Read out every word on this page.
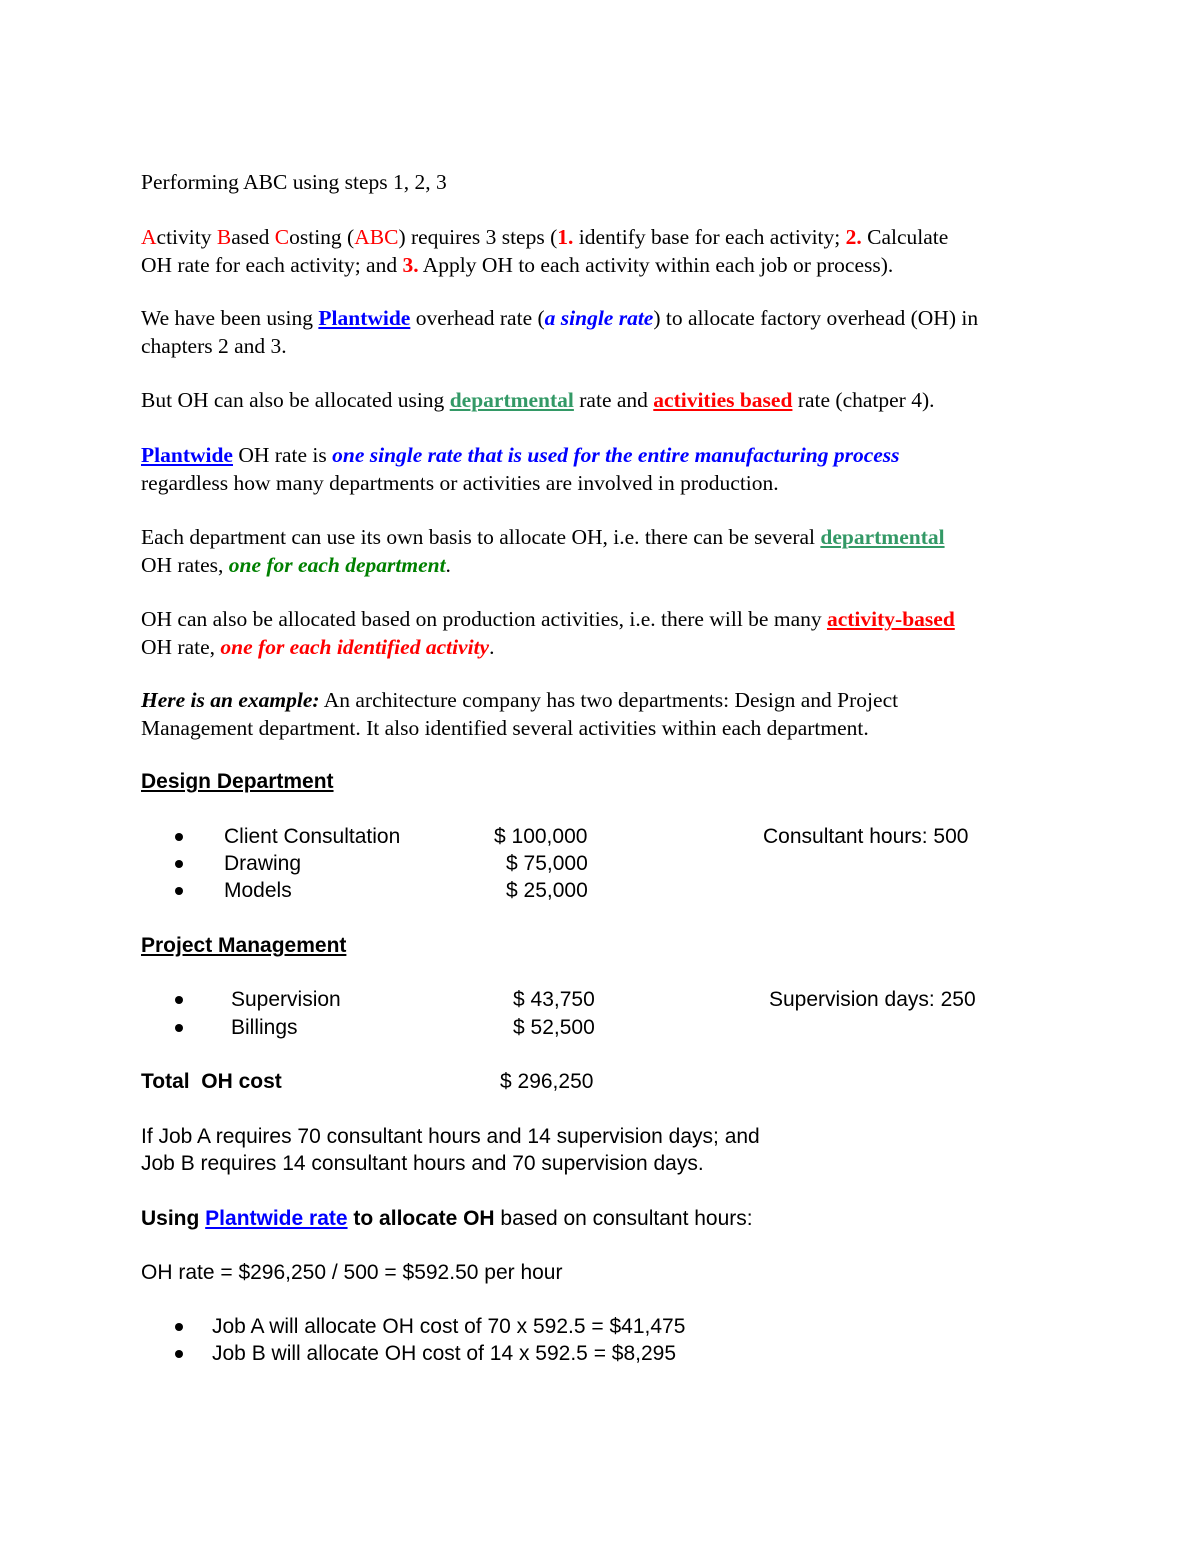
Performing ABC using steps 1, 2, 3

Activity Based Costing (ABC) requires 3 steps (1. identify base for each activity; 2. Calculate
OH rate for each activity; and 3. Apply OH to each activity within each job or process).

We have been using Plantwide overhead rate (a single rate) to allocate factory overhead (OH) in
chapters 2 and 3.

But OH can also be allocated using departmental rate and activities based rate (chatper 4).

Plantwide OH rate is one single rate that is used for the entire manufacturing process
regardless how many departments or activities are involved in production.

Each department can use its own basis to allocate OH, i.e. there can be several departmental
OH rates, one for each department.

OH can also be allocated based on production activities, i.e. there will be many activity-based
OH rate, one for each identified activity.

Here is an example: An architecture company has two departments: Design and Project
Management department. It also identified several activities within each department.

Design Department

Client Consultation	$ 100,000	Consultant hours: 500
Drawing	$ 75,000
Models	$ 25,000

Project Management

Supervision	$ 43,750	Supervision days: 250
Billings	$ 52,500
Total  OH cost	$ 296,250

If Job A requires 70 consultant hours and 14 supervision days; and
Job B requires 14 consultant hours and 70 supervision days.

Using Plantwide rate to allocate OH based on consultant hours:

OH rate = $296,250 / 500 = $592.50 per hour

Job A will allocate OH cost of 70 x 592.5 = $41,475
Job B will allocate OH cost of 14 x 592.5 = $8,295
